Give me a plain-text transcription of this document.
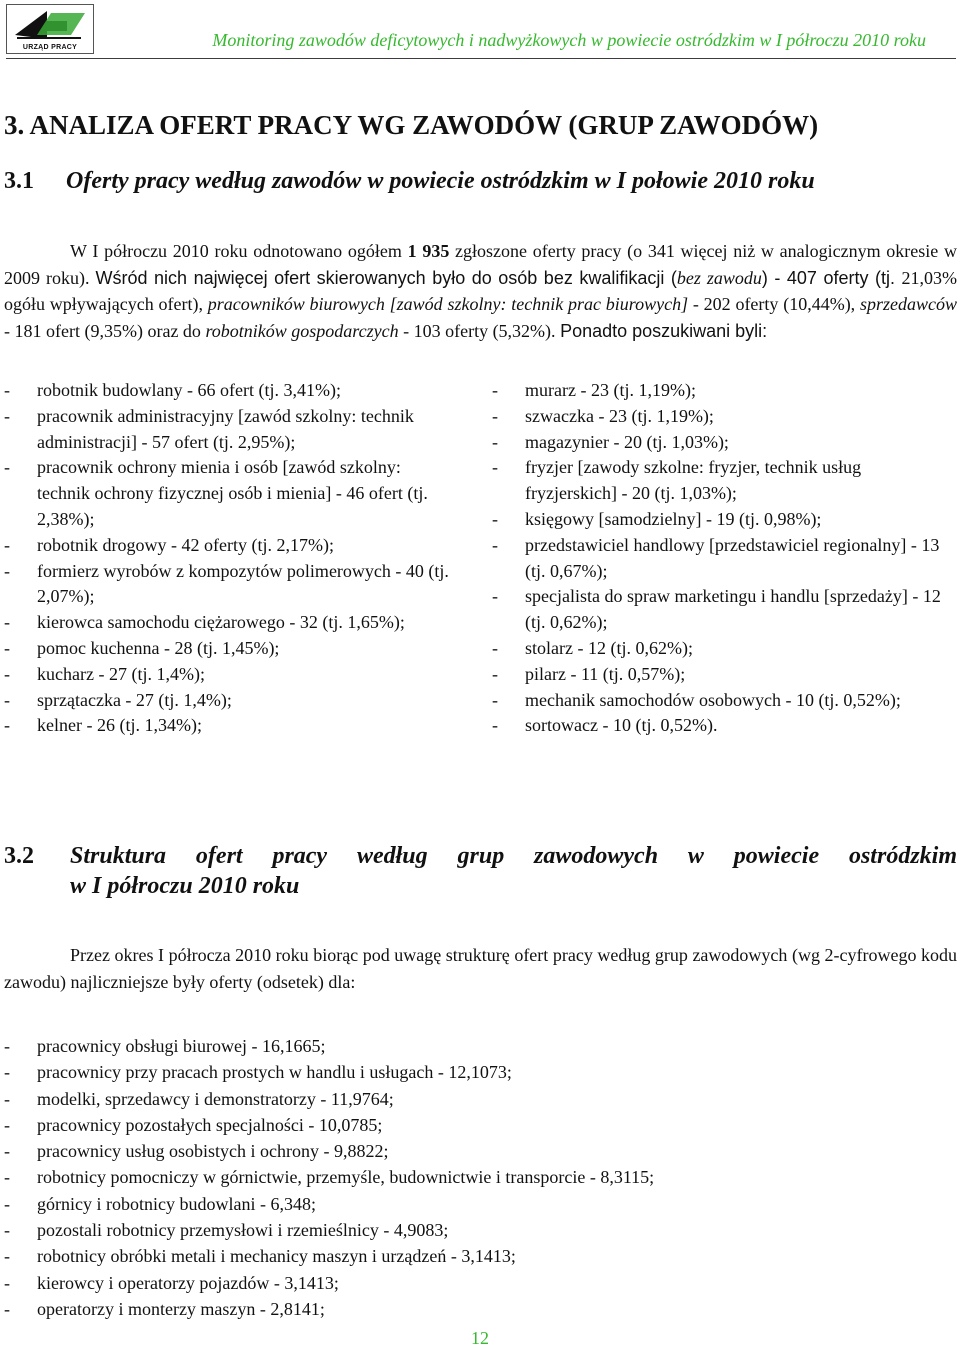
URZĄD PRACY	Monitoring zawodów deficytowych i nadwyżkowych w powiecie ostródzkim w I półroczu 2010 roku
3. ANALIZA OFERT PRACY WG ZAWODÓW (GRUP ZAWODÓW)
3.1 Oferty pracy według zawodów w powiecie ostródzkim w I połowie 2010 roku
W I półroczu 2010 roku odnotowano ogółem 1 935 zgłoszone oferty pracy (o 341 więcej niż w analogicznym okresie w 2009 roku). Wśród nich najwięcej ofert skierowanych było do osób bez kwalifikacji (bez zawodu) - 407 oferty (tj. 21,03% ogółu wpływających ofert), pracowników biurowych [zawód szkolny: technik prac biurowych] - 202 oferty (10,44%), sprzedawców - 181 ofert (9,35%) oraz do robotników gospodarczych - 103 oferty (5,32%). Ponadto poszukiwani byli:
- robotnik budowlany - 66 ofert (tj. 3,41%);
- pracownik administracyjny [zawód szkolny: technik administracji] - 57 ofert (tj. 2,95%);
- pracownik ochrony mienia i osób [zawód szkolny: technik ochrony fizycznej osób i mienia] - 46 ofert (tj. 2,38%);
- robotnik drogowy - 42 oferty (tj. 2,17%);
- formierz wyrobów z kompozytów polimerowych - 40 (tj. 2,07%);
- kierowca samochodu ciężarowego - 32 (tj. 1,65%);
- pomoc kuchenna - 28 (tj. 1,45%);
- kucharz - 27 (tj. 1,4%);
- sprzątaczka - 27 (tj. 1,4%);
- kelner - 26 (tj. 1,34%);
- murarz - 23 (tj. 1,19%);
- szwaczka - 23 (tj. 1,19%);
- magazynier - 20 (tj. 1,03%);
- fryzjer [zawody szkolne: fryzjer, technik usług fryzjerskich] - 20 (tj. 1,03%);
- księgowy [samodzielny] - 19 (tj. 0,98%);
- przedstawiciel handlowy [przedstawiciel regionalny] - 13 (tj. 0,67%);
- specjalista do spraw marketingu i handlu [sprzedaży] - 12 (tj. 0,62%);
- stolarz - 12 (tj. 0,62%);
- pilarz - 11 (tj. 0,57%);
- mechanik samochodów osobowych - 10 (tj. 0,52%);
- sortowacz - 10 (tj. 0,52%).
3.2 Struktura ofert pracy według grup zawodowych w powiecie ostródzkim
w I półroczu 2010 roku
Przez okres I półrocza 2010 roku biorąc pod uwagę strukturę ofert pracy według grup zawodowych (wg 2-cyfrowego kodu zawodu) najliczniejsze były oferty (odsetek) dla:
- pracownicy obsługi biurowej - 16,1665;
- pracownicy przy pracach prostych w handlu i usługach - 12,1073;
- modelki, sprzedawcy i demonstratorzy - 11,9764;
- pracownicy pozostałych specjalności - 10,0785;
- pracownicy usług osobistych i ochrony - 9,8822;
- robotnicy pomocniczy w górnictwie, przemyśle, budownictwie i transporcie - 8,3115;
- górnicy i robotnicy budowlani - 6,348;
- pozostali robotnicy przemysłowi i rzemieślnicy - 4,9083;
- robotnicy obróbki metali i mechanicy maszyn i urządzeń - 3,1413;
- kierowcy i operatorzy pojazdów - 3,1413;
- operatorzy i monterzy maszyn - 2,8141;
12
